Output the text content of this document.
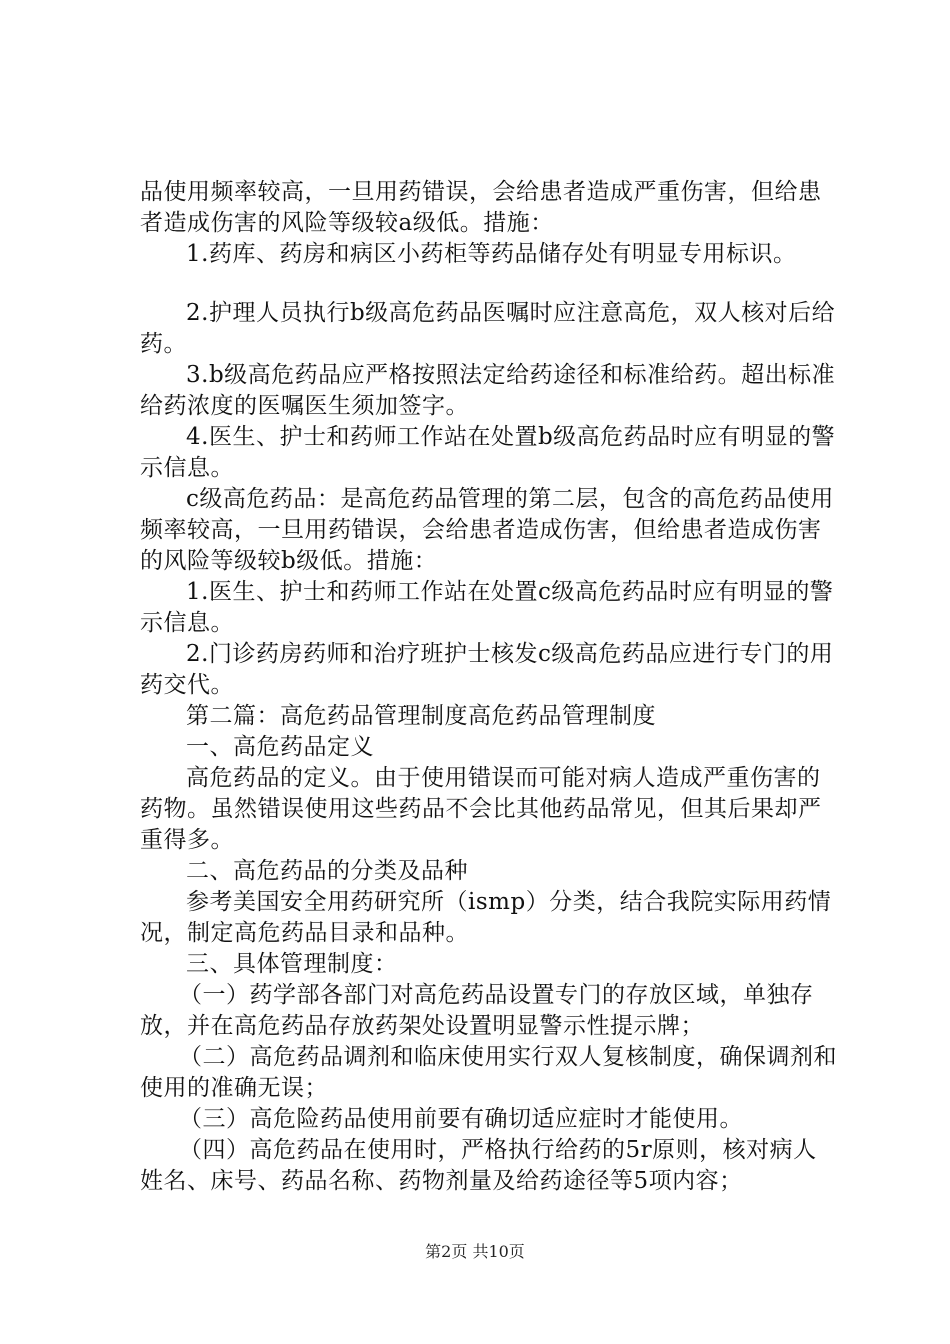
品使用频率较高，一旦用药错误，会给患者造成严重伤害，但给患者造成伤害的风险等级较a级低。措施：

1.药库、药房和病区小药柜等药品储存处有明显专用标识。

2.护理人员执行b级高危药品医嘱时应注意高危，双人核对后给药。

3.b级高危药品应严格按照法定给药途径和标准给药。超出标准给药浓度的医嘱医生须加签字。

4.医生、护士和药师工作站在处置b级高危药品时应有明显的警示信息。

c级高危药品：是高危药品管理的第二层，包含的高危药品使用频率较高，一旦用药错误，会给患者造成伤害，但给患者造成伤害的风险等级较b级低。措施：

1.医生、护士和药师工作站在处置c级高危药品时应有明显的警示信息。

2.门诊药房药师和治疗班护士核发c级高危药品应进行专门的用药交代。

第二篇：高危药品管理制度高危药品管理制度

一、高危药品定义

高危药品的定义。由于使用错误而可能对病人造成严重伤害的药物。虽然错误使用这些药品不会比其他药品常见，但其后果却严重得多。

二、高危药品的分类及品种

参考美国安全用药研究所（ismp）分类，结合我院实际用药情况，制定高危药品目录和品种。

三、具体管理制度：

（一）药学部各部门对高危药品设置专门的存放区域，单独存放，并在高危药品存放药架处设置明显警示性提示牌；

（二）高危药品调剂和临床使用实行双人复核制度，确保调剂和使用的准确无误；

（三）高危险药品使用前要有确切适应症时才能使用。

（四）高危药品在使用时，严格执行给药的5r原则，核对病人姓名、床号、药品名称、药物剂量及给药途径等5项内容；

第2页 共10页
